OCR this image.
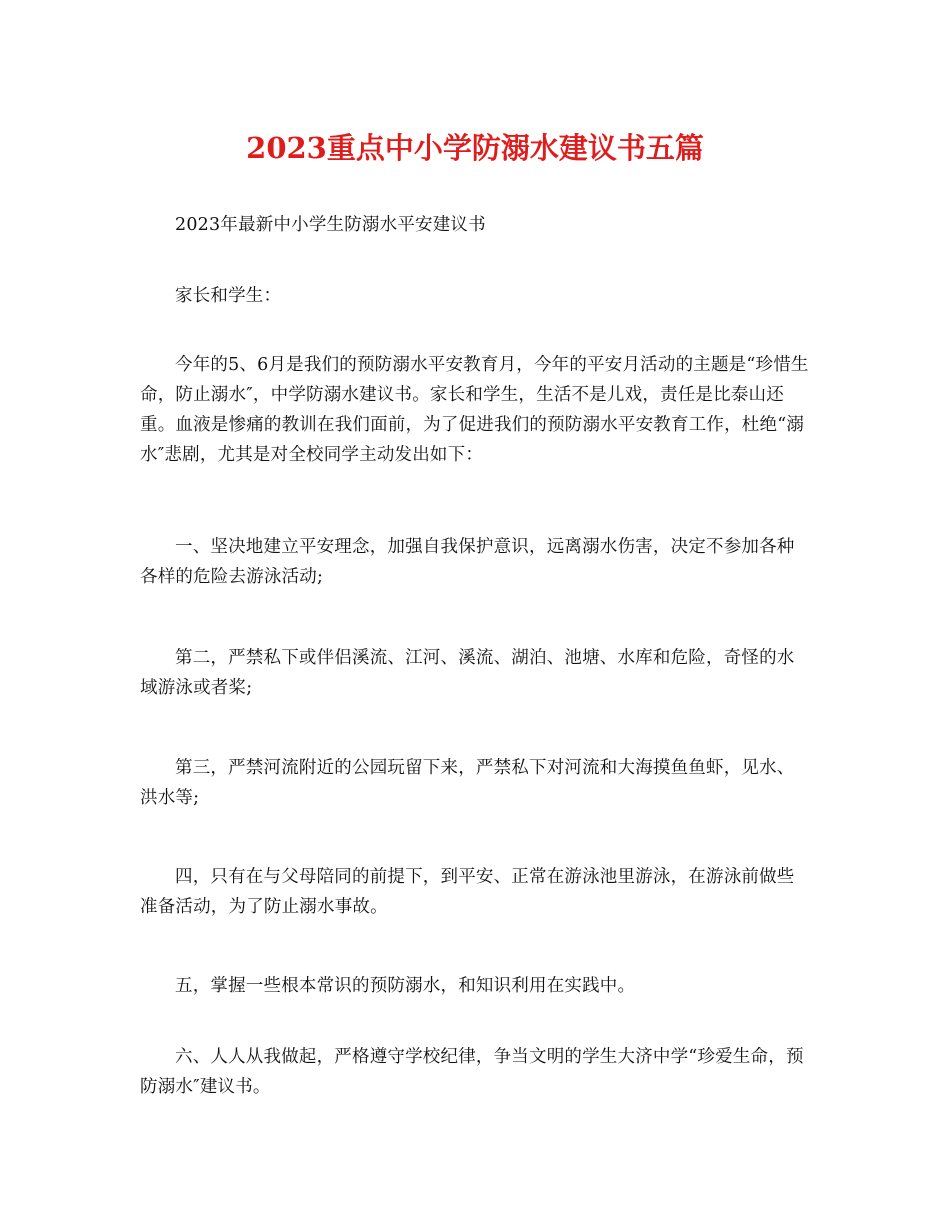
2023重点中小学防溺水建议书五篇

2023年最新中小学生防溺水平安建议书

家长和学生：

今年的5、6月是我们的预防溺水平安教育月，今年的平安月活动的主题是“珍惜生命，防止溺水″，中学防溺水建议书。家长和学生，生活不是儿戏，责任是比泰山还重。血液是惨痛的教训在我们面前，为了促进我们的预防溺水平安教育工作，杜绝“溺水″悲剧，尤其是对全校同学主动发出如下：

一、坚决地建立平安理念，加强自我保护意识，远离溺水伤害，决定不参加各种各样的危险去游泳活动;

第二，严禁私下或伴侣溪流、江河、溪流、湖泊、池塘、水库和危险，奇怪的水域游泳或者桨;

第三，严禁河流附近的公园玩留下来，严禁私下对河流和大海摸鱼鱼虾，见水、洪水等;

四，只有在与父母陪同的前提下，到平安、正常在游泳池里游泳，在游泳前做些准备活动，为了防止溺水事故。

五，掌握一些根本常识的预防溺水，和知识利用在实践中。

六、人人从我做起，严格遵守学校纪律，争当文明的学生大济中学“珍爱生命，预防溺水″建议书。
